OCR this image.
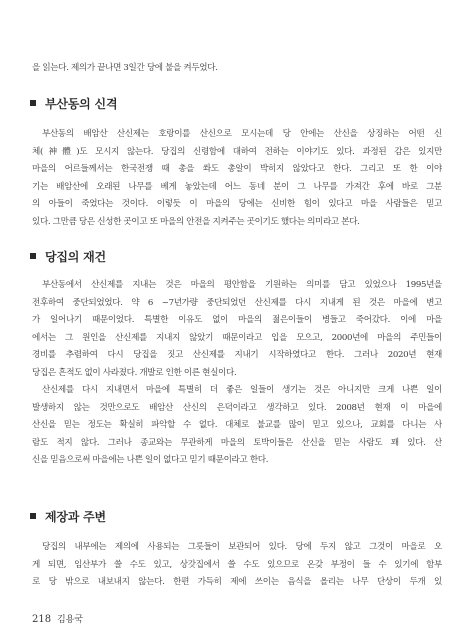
을 읽는다. 제의가 끝나면 3일간 당에 불을 켜두었다.
부산동의 신격
부산동의 배암산 산신제는 호랑이를 산신으로 모시는데 당 안에는 산신을 상징하는 어떤 신
체(神體)도 모시지 않는다. 당집의 신령함에 대하여 전하는 이야기도 있다. 과정된 감은 있지만
마을의 어르들께서는 한국전쟁 때 총을 쏴도 총알이 박히지 않았다고 한다. 그리고 또 한 이야
기는 배암산에 오래된 나무를 베게 놓았는데 어느 동네 분이 그 나무를 가져간 후에 바로 그분
의 아들이 죽었다는 것이다. 이렇듯 이 마을의 당에는 신비한 힘이 있다고 마을 사람들은 믿고
있다. 그만큼 당은 신성한 곳이고 또 마을의 안전을 지켜주는 곳이기도 했다는 의미라고 본다.
당집의 재건
부산동에서 산신제를 지내는 것은 마을의 평안함을 기원하는 의미를 담고 있었으나 1995년을
전후하여 중단되었었다. 약 6 ~7년가량 중단되었던 산신제를 다시 지내게 된 것은 마을에 변고
가 일어나기 때문이었다. 특별한 이유도 없이 마을의 젊은이들이 병들고 죽어갔다. 이에 마을
에서는 그 원인을 산신제를 지내지 않았기 때문이라고 입을 모으고, 2000년에 마을의 주민들이
경비를 추렴하여 다시 당집을 짓고 산신제를 지내기 시작하였다고 한다. 그러나 2020년 현재
당집은 흔적도 없이 사라졌다. 개발로 인한 이른 현실이다.
산신제를 다시 지내면서 마을에 특별히 더 좋은 일들이 생기는 것은 아니지만 크게 나쁜 일이
발생하지 않는 것만으로도 배암산 산신의 은덕이라고 생각하고 있다. 2008년 현재 이 마을에
산신을 믿는 정도는 확실히 파악할 수 없다. 대체로 불교를 많이 믿고 있으나, 교회를 다니는 사
람도 적지 않다. 그러나 종교와는 무관하게 마을의 토박이들은 산신을 믿는 사람도 꽤 있다. 산
신을 믿음으로써 마을에는 나쁜 일이 없다고 믿기 때문이라고 한다.
제장과 주변
당집의 내부에는 제의에 사용되는 그릇들이 보관되어 있다. 당에 두지 않고 그것이 마을로 오
게 되면, 임산부가 쓸 수도 있고, 상갓집에서 쓸 수도 있으므로 온갖 부정이 들 수 있기에 함부
로 당 밖으로 내보내지 않는다. 한편 가득히 제에 쓰이는 음식을 올리는 나무 단상이 두개 있
218 김용국
